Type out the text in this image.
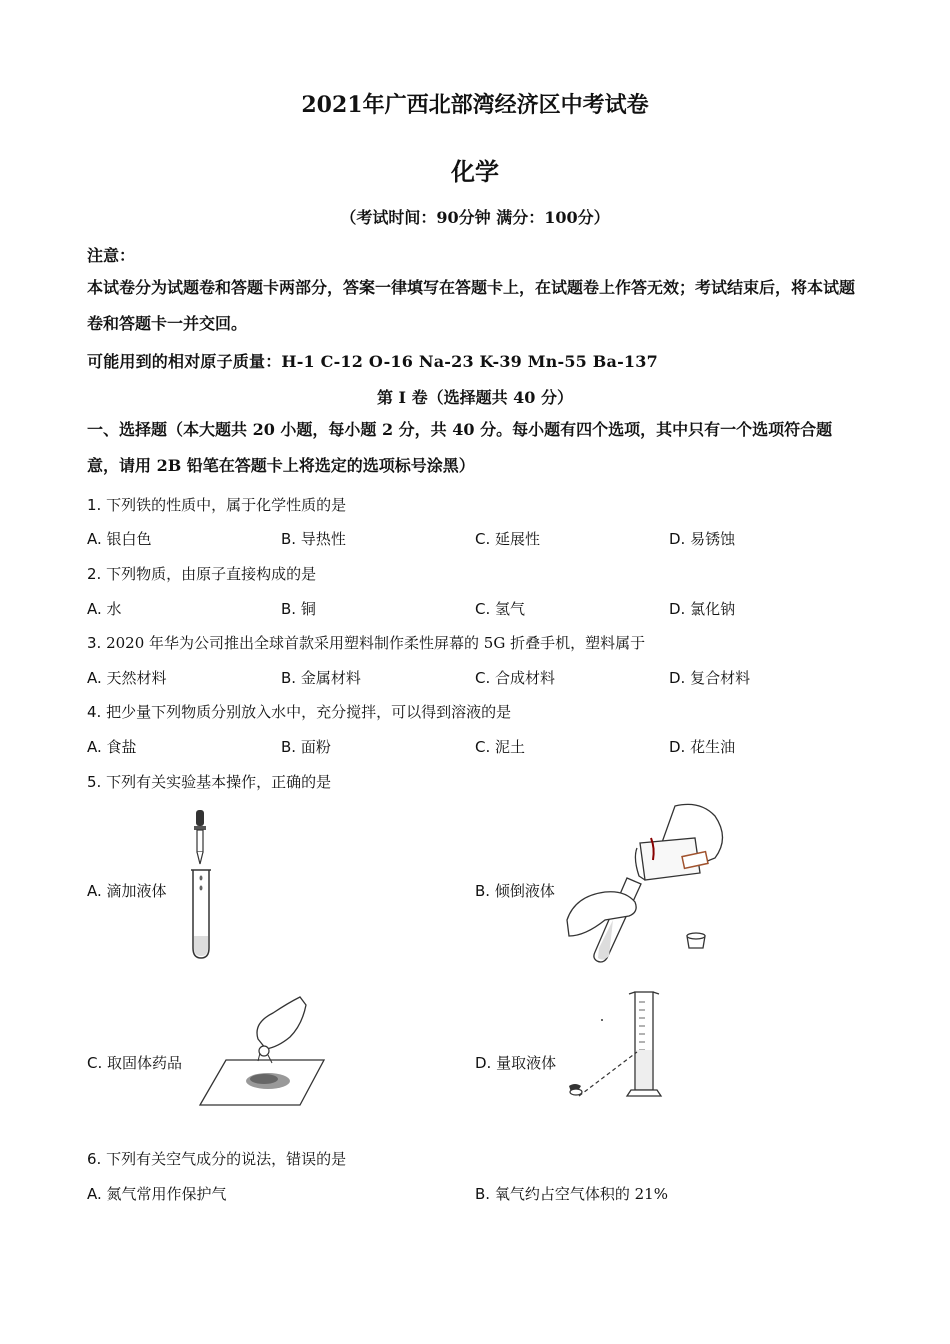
2021年广西北部湾经济区中考试卷
化学
（考试时间：90分钟 满分：100分）
注意：
本试卷分为试题卷和答题卡两部分，答案一律填写在答题卡上，在试题卷上作答无效；考试结束后，将本试题卷和答题卡一并交回。
可能用到的相对原子质量：H-1 C-12 O-16 Na-23 K-39 Mn-55 Ba-137
第 I 卷（选择题共 40 分）
一、选择题（本大题共 20 小题，每小题 2 分，共 40 分。每小题有四个选项，其中只有一个选项符合题意，请用 2B 铅笔在答题卡上将选定的选项标号涂黑）
1. 下列铁的性质中，属于化学性质的是
A. 银白色	B. 导热性	C. 延展性	D. 易锈蚀
2. 下列物质，由原子直接构成的是
A. 水	B. 铜	C. 氢气	D. 氯化钠
3. 2020 年华为公司推出全球首款采用塑料制作柔性屏幕的 5G 折叠手机，塑料属于
A. 天然材料	B. 金属材料	C. 合成材料	D. 复合材料
4. 把少量下列物质分别放入水中，充分搅拌，可以得到溶液的是
A. 食盐	B. 面粉	C. 泥土	D. 花生油
5. 下列有关实验基本操作，正确的是
A. 滴加液体	B. 倾倒液体
C. 取固体药品	D. 量取液体
6. 下列有关空气成分的说法，错误的是
A. 氮气常用作保护气	B. 氧气约占空气体积的 21%
